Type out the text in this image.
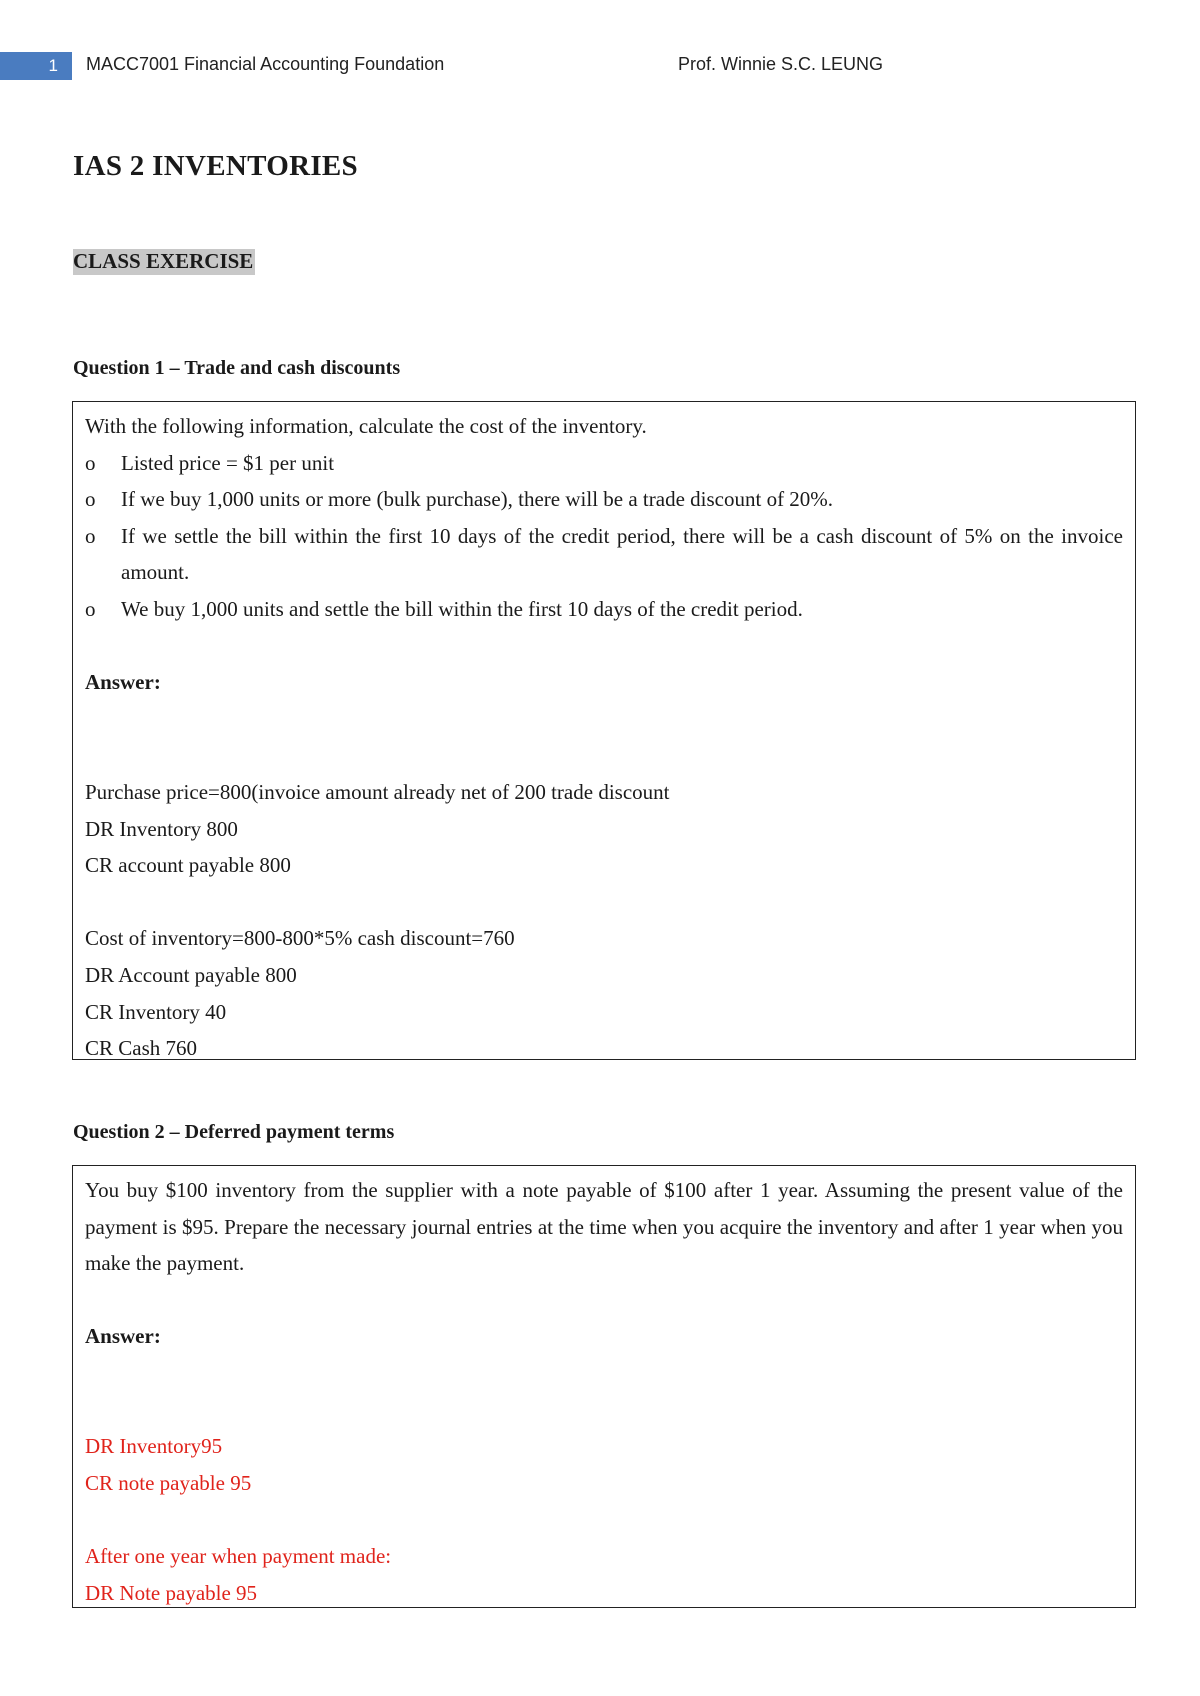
1	MACC7001 Financial Accounting Foundation	Prof. Winnie S.C. LEUNG
IAS 2 INVENTORIES
CLASS EXERCISE
Question 1 – Trade and cash discounts

With the following information, calculate the cost of the inventory.

o	Listed price = $1 per unit
o	If we buy 1,000 units or more (bulk purchase), there will be a trade discount of 20%.
o	If we settle the bill within the first 10 days of the credit period, there will be a cash discount of 5% on the invoice amount.
o	We buy 1,000 units and settle the bill within the first 10 days of the credit period.

Answer:

Purchase price=800(invoice amount already net of 200 trade discount

DR Inventory 800

CR account payable 800

Cost of inventory=800-800*5% cash discount=760

DR Account payable 800

CR Inventory 40

CR Cash 760

Question 2 – Deferred payment terms

You buy $100 inventory from the supplier with a note payable of $100 after 1 year. Assuming the present value of the payment is $95. Prepare the necessary journal entries at the time when you acquire the inventory and after 1 year when you make the payment.

Answer:

DR Inventory95

CR note payable 95

After one year when payment made:

DR Note payable 95
